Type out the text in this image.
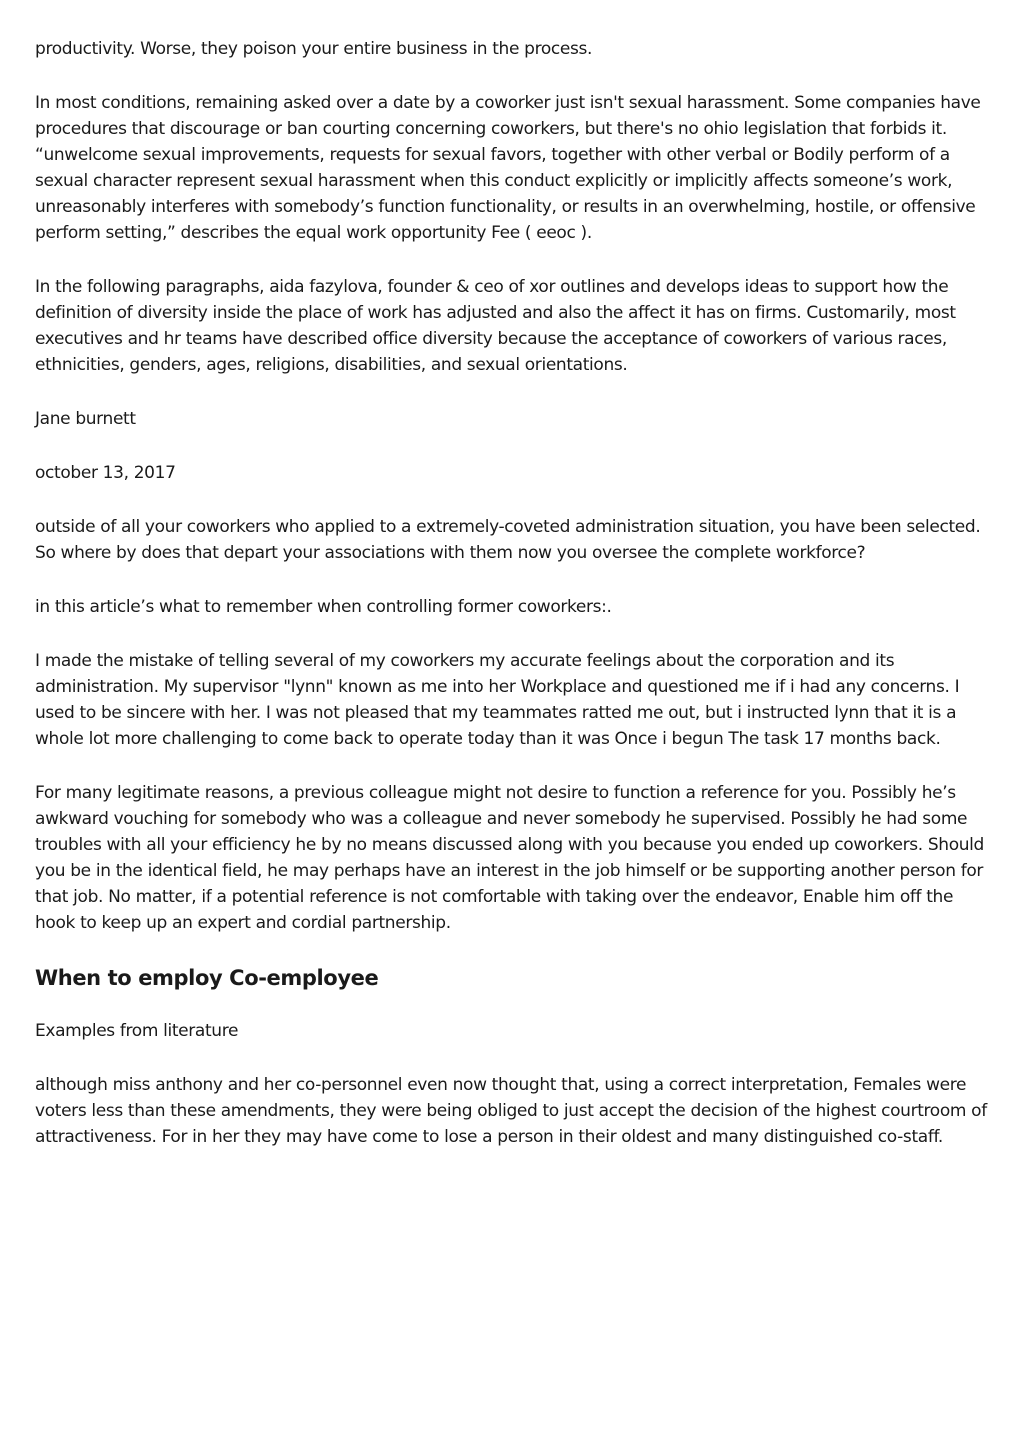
productivity. Worse, they poison your entire business in the process.

In most conditions, remaining asked over a date by a coworker just isn't sexual harassment. Some companies have procedures that discourage or ban courting concerning coworkers, but there's no ohio legislation that forbids it. “unwelcome sexual improvements, requests for sexual favors, together with other verbal or Bodily perform of a sexual character represent sexual harassment when this conduct explicitly or implicitly affects someone’s work, unreasonably interferes with somebody’s function functionality, or results in an overwhelming, hostile, or offensive perform setting,” describes the equal work opportunity Fee ( eeoc ).

In the following paragraphs, aida fazylova, founder & ceo of xor outlines and develops ideas to support how the definition of diversity inside the place of work has adjusted and also the affect it has on firms. Customarily, most executives and hr teams have described office diversity because the acceptance of coworkers of various races, ethnicities, genders, ages, religions, disabilities, and sexual orientations.

Jane burnett

october 13, 2017

outside of all your coworkers who applied to a extremely-coveted administration situation, you have been selected. So where by does that depart your associations with them now you oversee the complete workforce?

in this article’s what to remember when controlling former coworkers:.

I made the mistake of telling several of my coworkers my accurate feelings about the corporation and its administration. My supervisor "lynn" known as me into her Workplace and questioned me if i had any concerns. I used to be sincere with her. I was not pleased that my teammates ratted me out, but i instructed lynn that it is a whole lot more challenging to come back to operate today than it was Once i begun The task 17 months back.

For many legitimate reasons, a previous colleague might not desire to function a reference for you. Possibly he’s awkward vouching for somebody who was a colleague and never somebody he supervised. Possibly he had some troubles with all your efficiency he by no means discussed along with you because you ended up coworkers. Should you be in the identical field, he may perhaps have an interest in the job himself or be supporting another person for that job. No matter, if a potential reference is not comfortable with taking over the endeavor, Enable him off the hook to keep up an expert and cordial partnership.

When to employ Co-employee

Examples from literature

although miss anthony and her co-personnel even now thought that, using a correct interpretation, Females were voters less than these amendments, they were being obliged to just accept the decision of the highest courtroom of attractiveness. For in her they may have come to lose a person in their oldest and many distinguished co-staff.
